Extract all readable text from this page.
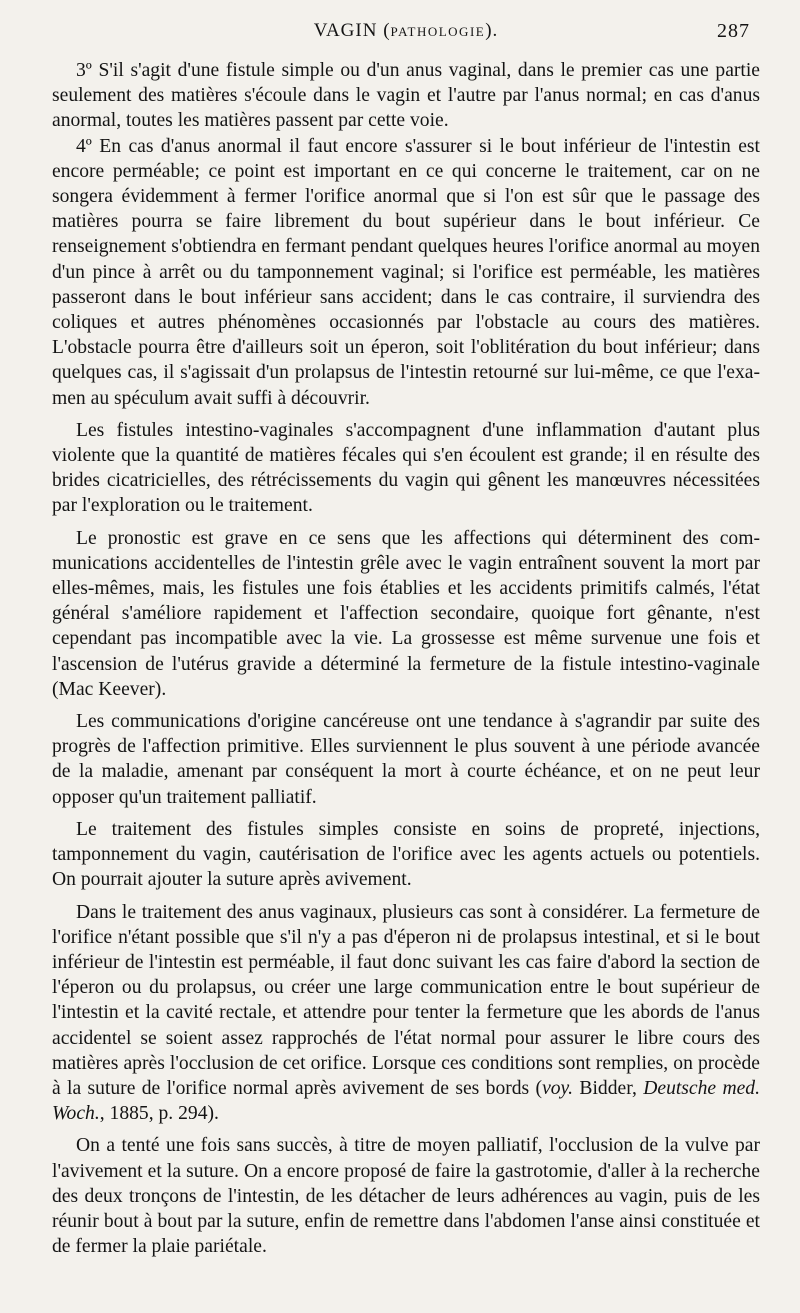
VAGIN (PATHOLOGIE).	287

3º S'il s'agit d'une fistule simple ou d'un anus vaginal, dans le premier cas une partie seulement des matières s'écoule dans le vagin et l'autre par l'anus normal; en cas d'anus anormal, toutes les matières passent par cette voie.

4º En cas d'anus anormal il faut encore s'assurer si le bout inférieur de l'intestin est encore perméable; ce point est important en ce qui concerne le traitement, car on ne songera évidemment à fermer l'orifice anormal que si l'on est sûr que le passage des matières pourra se faire librement du bout supérieur dans le bout inférieur. Ce renseignement s'obtiendra en fermant pendant quelques heures l'orifice anormal au moyen d'un pince à arrêt ou du tamponnement vaginal; si l'orifice est perméable, les matières passeront dans le bout inférieur sans accident; dans le cas contraire, il surviendra des coliques et autres phénomènes occasionnés par l'obstacle au cours des matières. L'obstacle pourra être d'ailleurs soit un éperon, soit l'oblitération du bout inférieur; dans quelques cas, il s'agissait d'un prolapsus de l'intestin retourné sur lui-même, ce que l'examen au spéculum avait suffi à découvrir.

Les fistules intestino-vaginales s'accompagnent d'une inflammation d'autant plus violente que la quantité de matières fécales qui s'en écoulent est grande; il en résulte des brides cicatricielles, des rétrécissements du vagin qui gênent les manœuvres nécessitées par l'exploration ou le traitement.

Le pronostic est grave en ce sens que les affections qui déterminent des communications accidentelles de l'intestin grêle avec le vagin entraînent souvent la mort par elles-mêmes, mais, les fistules une fois établies et les accidents primitifs calmés, l'état général s'améliore rapidement et l'affection secondaire, quoique fort gênante, n'est cependant pas incompatible avec la vie. La grossesse est même survenue une fois et l'ascension de l'utérus gravide a déterminé la fermeture de la fistule intestino-vaginale (Mac Keever).

Les communications d'origine cancéreuse ont une tendance à s'agrandir par suite des progrès de l'affection primitive. Elles surviennent le plus souvent à une période avancée de la maladie, amenant par conséquent la mort à courte échéance, et on ne peut leur opposer qu'un traitement palliatif.

Le traitement des fistules simples consiste en soins de propreté, injections, tamponnement du vagin, cautérisation de l'orifice avec les agents actuels ou potentiels. On pourrait ajouter la suture après avivement.

Dans le traitement des anus vaginaux, plusieurs cas sont à considérer. La fermeture de l'orifice n'étant possible que s'il n'y a pas d'éperon ni de prolapsus intestinal, et si le bout inférieur de l'intestin est perméable, il faut donc suivant les cas faire d'abord la section de l'éperon ou du prolapsus, ou créer une large communication entre le bout supérieur de l'intestin et la cavité rectale, et attendre pour tenter la fermeture que les abords de l'anus accidentel se soient assez rapprochés de l'état normal pour assurer le libre cours des matières après l'occlusion de cet orifice. Lorsque ces conditions sont remplies, on procède à la suture de l'orifice normal après avivement de ses bords (voy. Bidder, Deutsche med. Woch., 1885, p. 294).

On a tenté une fois sans succès, à titre de moyen palliatif, l'occlusion de la vulve par l'avivement et la suture. On a encore proposé de faire la gastrotomie, d'aller à la recherche des deux tronçons de l'intestin, de les détacher de leurs adhérences au vagin, puis de les réunir bout à bout par la suture, enfin de remettre dans l'abdomen l'anse ainsi constituée et de fermer la plaie pariétale.
